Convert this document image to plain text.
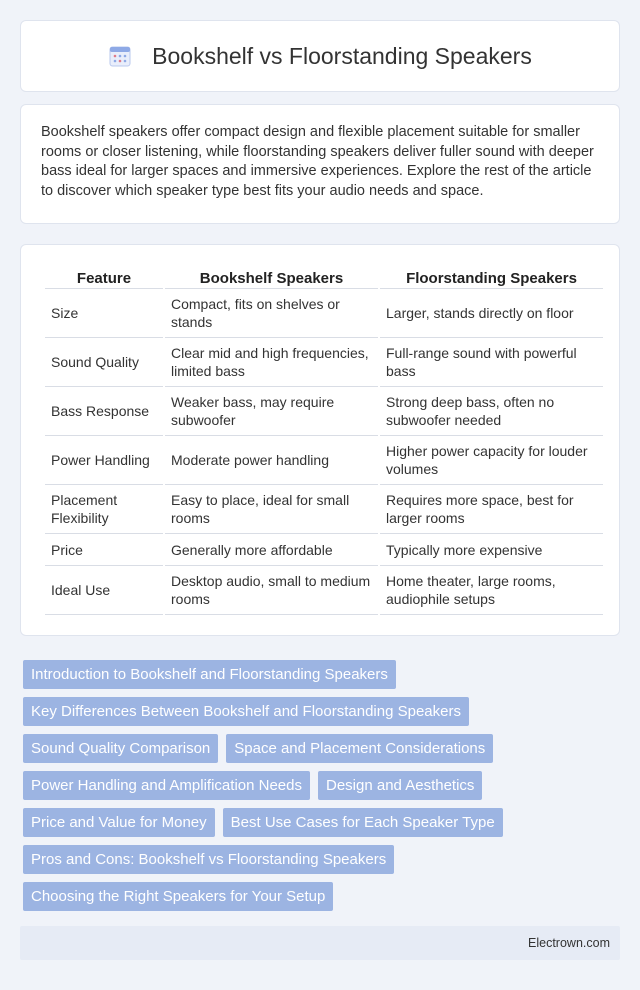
Bookshelf vs Floorstanding Speakers

Bookshelf speakers offer compact design and flexible placement suitable for smaller rooms or closer listening, while floorstanding speakers deliver fuller sound with deeper bass ideal for larger spaces and immersive experiences. Explore the rest of the article to discover which speaker type best fits your audio needs and space.

Feature	Bookshelf Speakers	Floorstanding Speakers
Size	Compact, fits on shelves or stands	Larger, stands directly on floor
Sound Quality	Clear mid and high frequencies, limited bass	Full-range sound with powerful bass
Bass Response	Weaker bass, may require subwoofer	Strong deep bass, often no subwoofer needed
Power Handling	Moderate power handling	Higher power capacity for louder volumes
Placement Flexibility	Easy to place, ideal for small rooms	Requires more space, best for larger rooms
Price	Generally more affordable	Typically more expensive
Ideal Use	Desktop audio, small to medium rooms	Home theater, large rooms, audiophile setups
Introduction to Bookshelf and Floorstanding Speakers
Key Differences Between Bookshelf and Floorstanding Speakers
Sound Quality Comparison	Space and Placement Considerations
Power Handling and Amplification Needs	Design and Aesthetics
Price and Value for Money	Best Use Cases for Each Speaker Type
Pros and Cons: Bookshelf vs Floorstanding Speakers
Choosing the Right Speakers for Your Setup
Electrown.com
